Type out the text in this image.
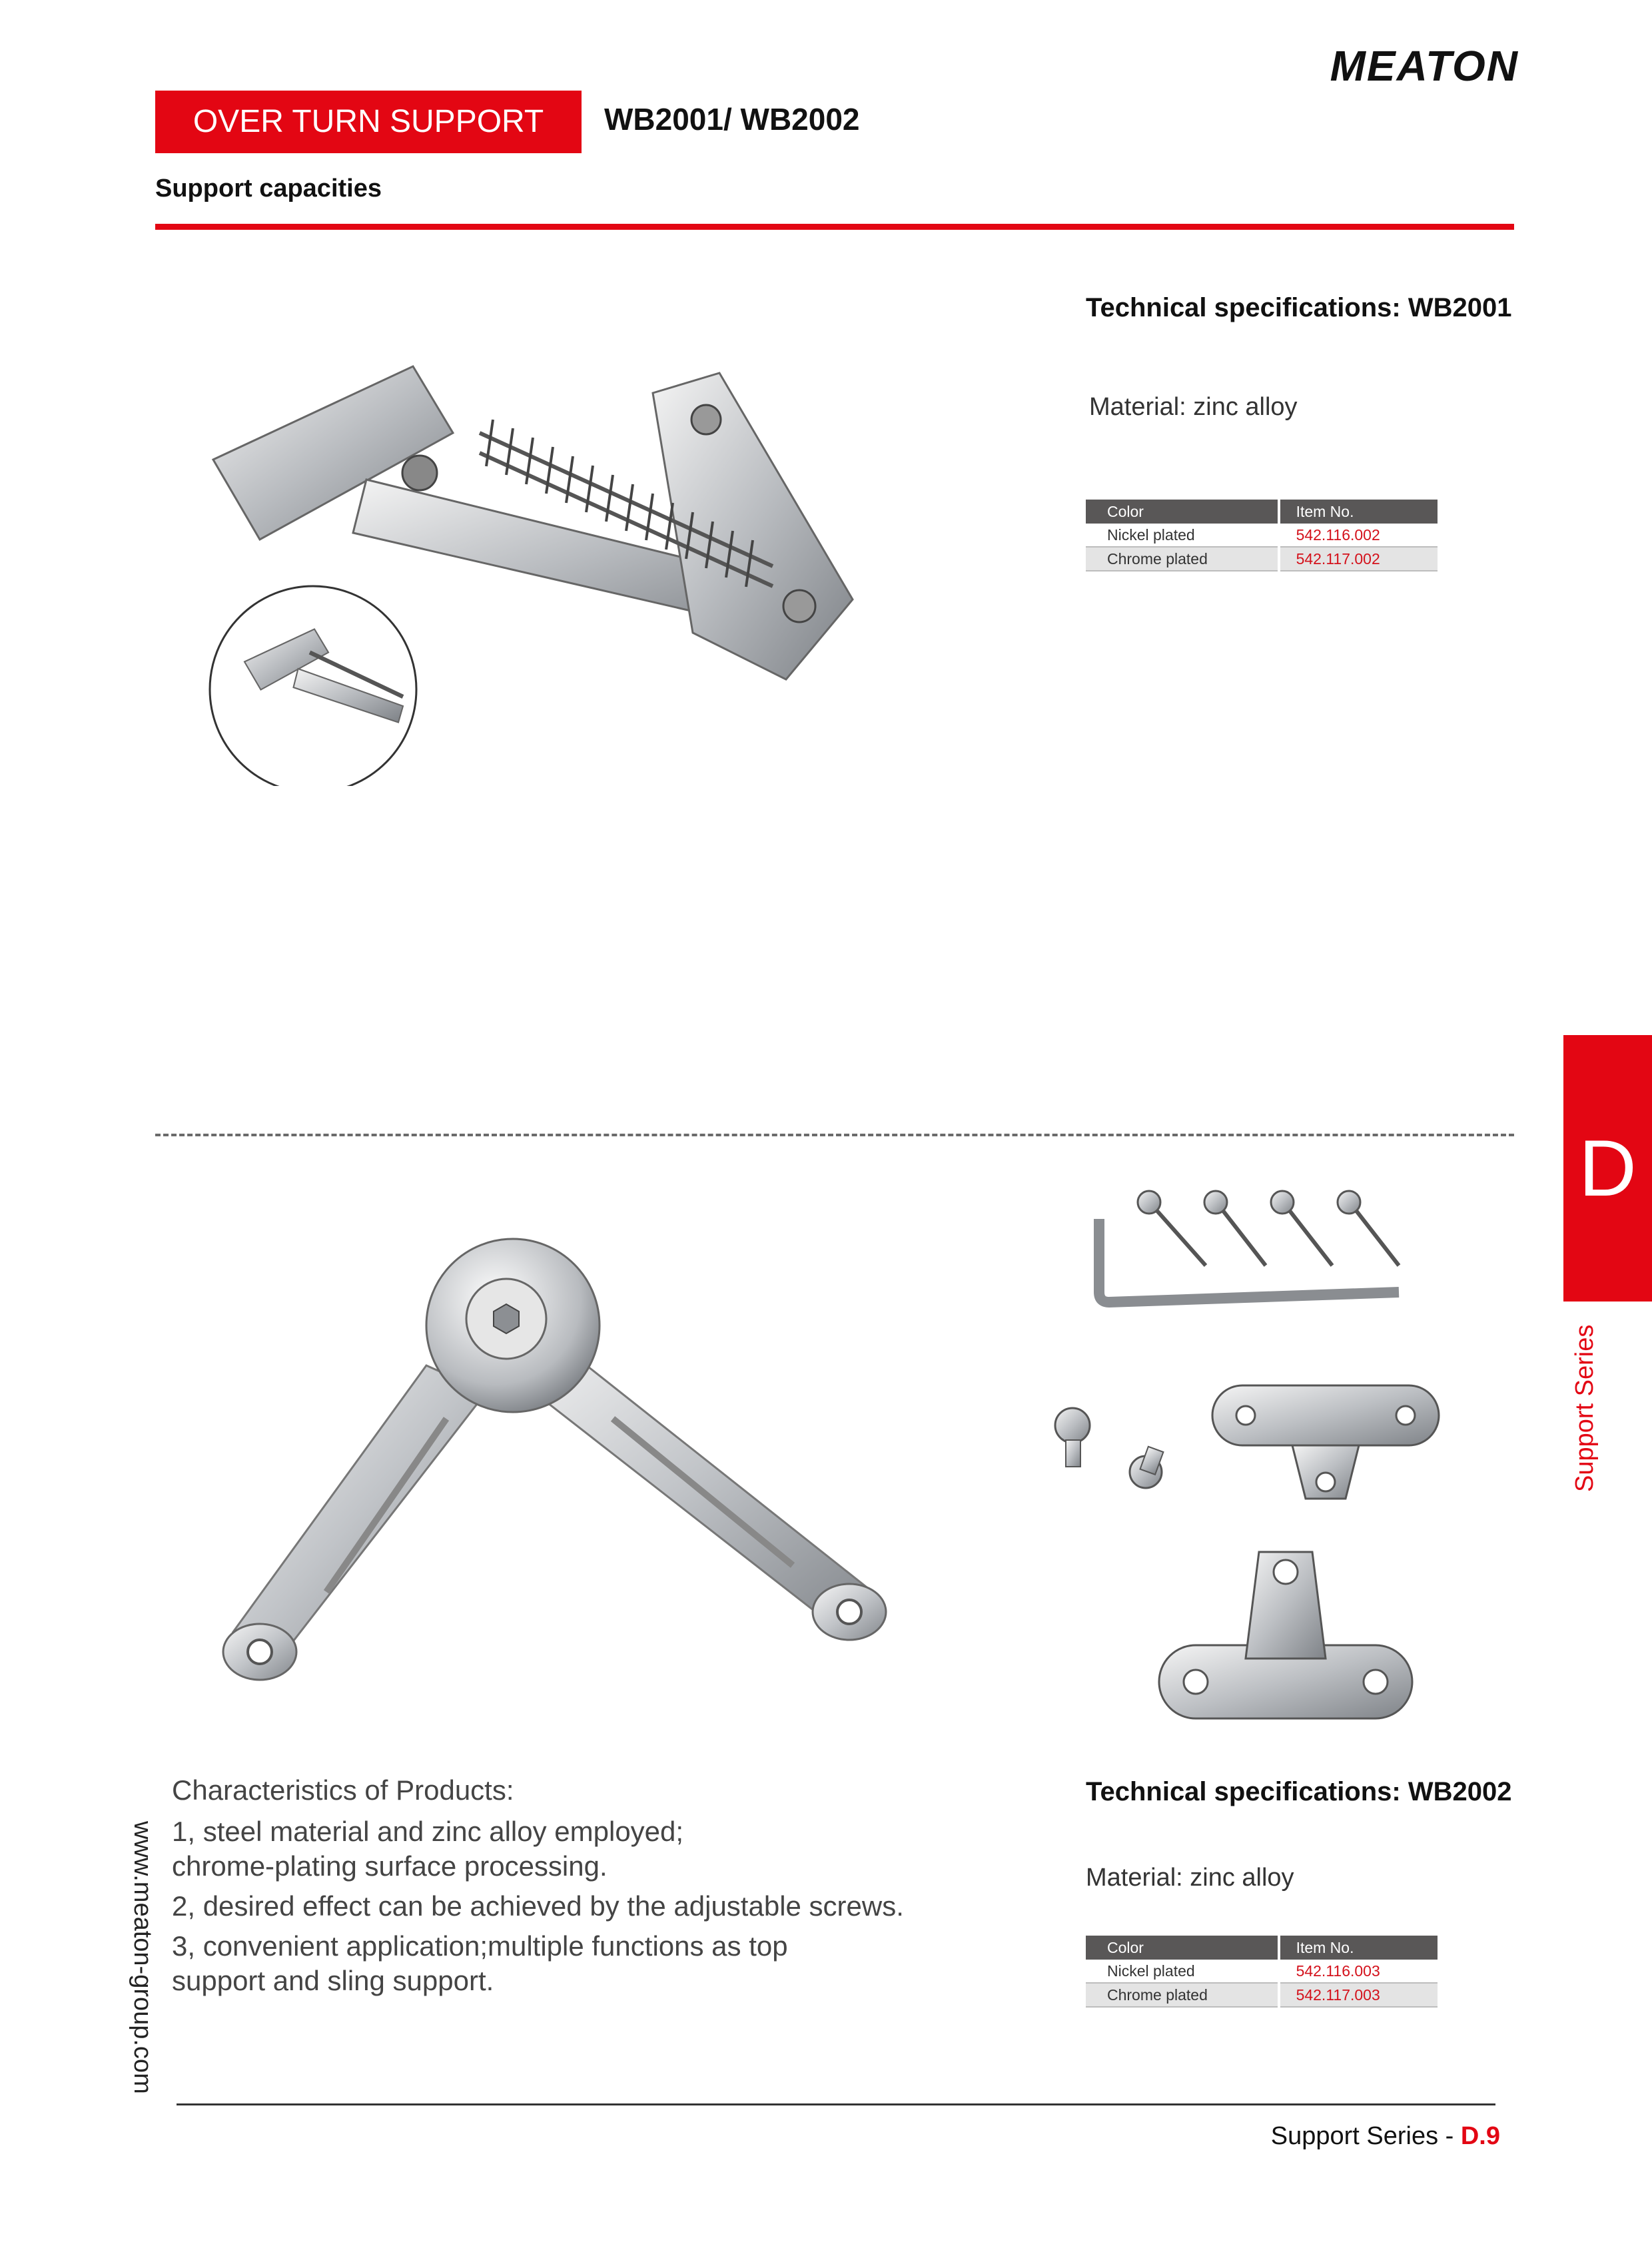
MEATON
OVER TURN SUPPORT	WB2001/ WB2002
Support capacities
Technical specifications: WB2001
Material: zinc alloy
Color	Item No.
Nickel plated	542.116.002
Chrome plated	542.117.002
D
Support Series
Characteristics of Products:
1, steel material and zinc alloy employed;
chrome-plating surface processing.
2, desired effect can be achieved by the adjustable screws.
3, convenient application;multiple functions as top
support and sling support.
Technical specifications: WB2002
Material: zinc alloy
Color	Item No.
Nickel plated	542.116.003
Chrome plated	542.117.003
www.meaton-group.com
Support Series - D.9
